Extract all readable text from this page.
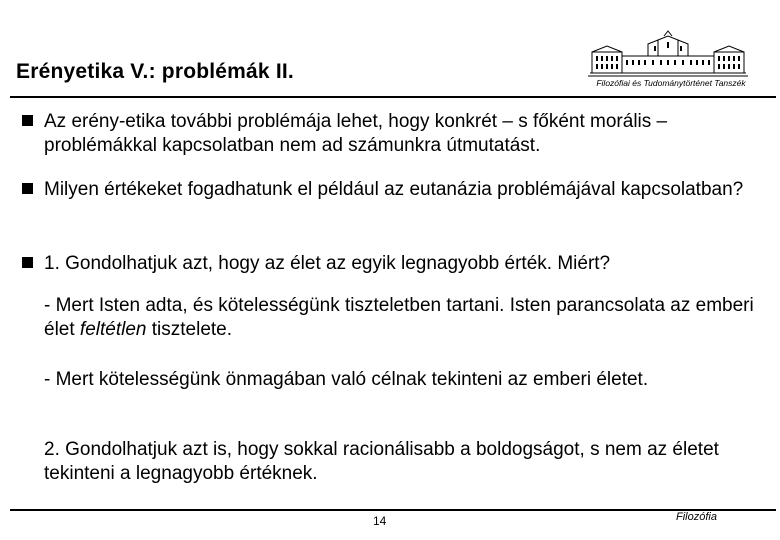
Erényetika V.: problémák II.	Filozófiai és Tudománytörténet Tanszék
Az erény-etika további problémája lehet, hogy konkrét – s főként morális – problémákkal kapcsolatban nem ad számunkra útmutatást.
Milyen értékeket fogadhatunk el például az eutanázia problémájával kapcsolatban?
1. Gondolhatjuk azt, hogy az élet az egyik legnagyobb érték. Miért?
- Mert Isten adta, és kötelességünk tiszteletben tartani. Isten parancsolata az emberi élet feltétlen tisztelete.
- Mert kötelességünk önmagában való célnak tekinteni az emberi életet.
2. Gondolhatjuk azt is, hogy sokkal racionálisabb a boldogságot, s nem az életet tekinteni a legnagyobb értéknek.
14	Filozófia
